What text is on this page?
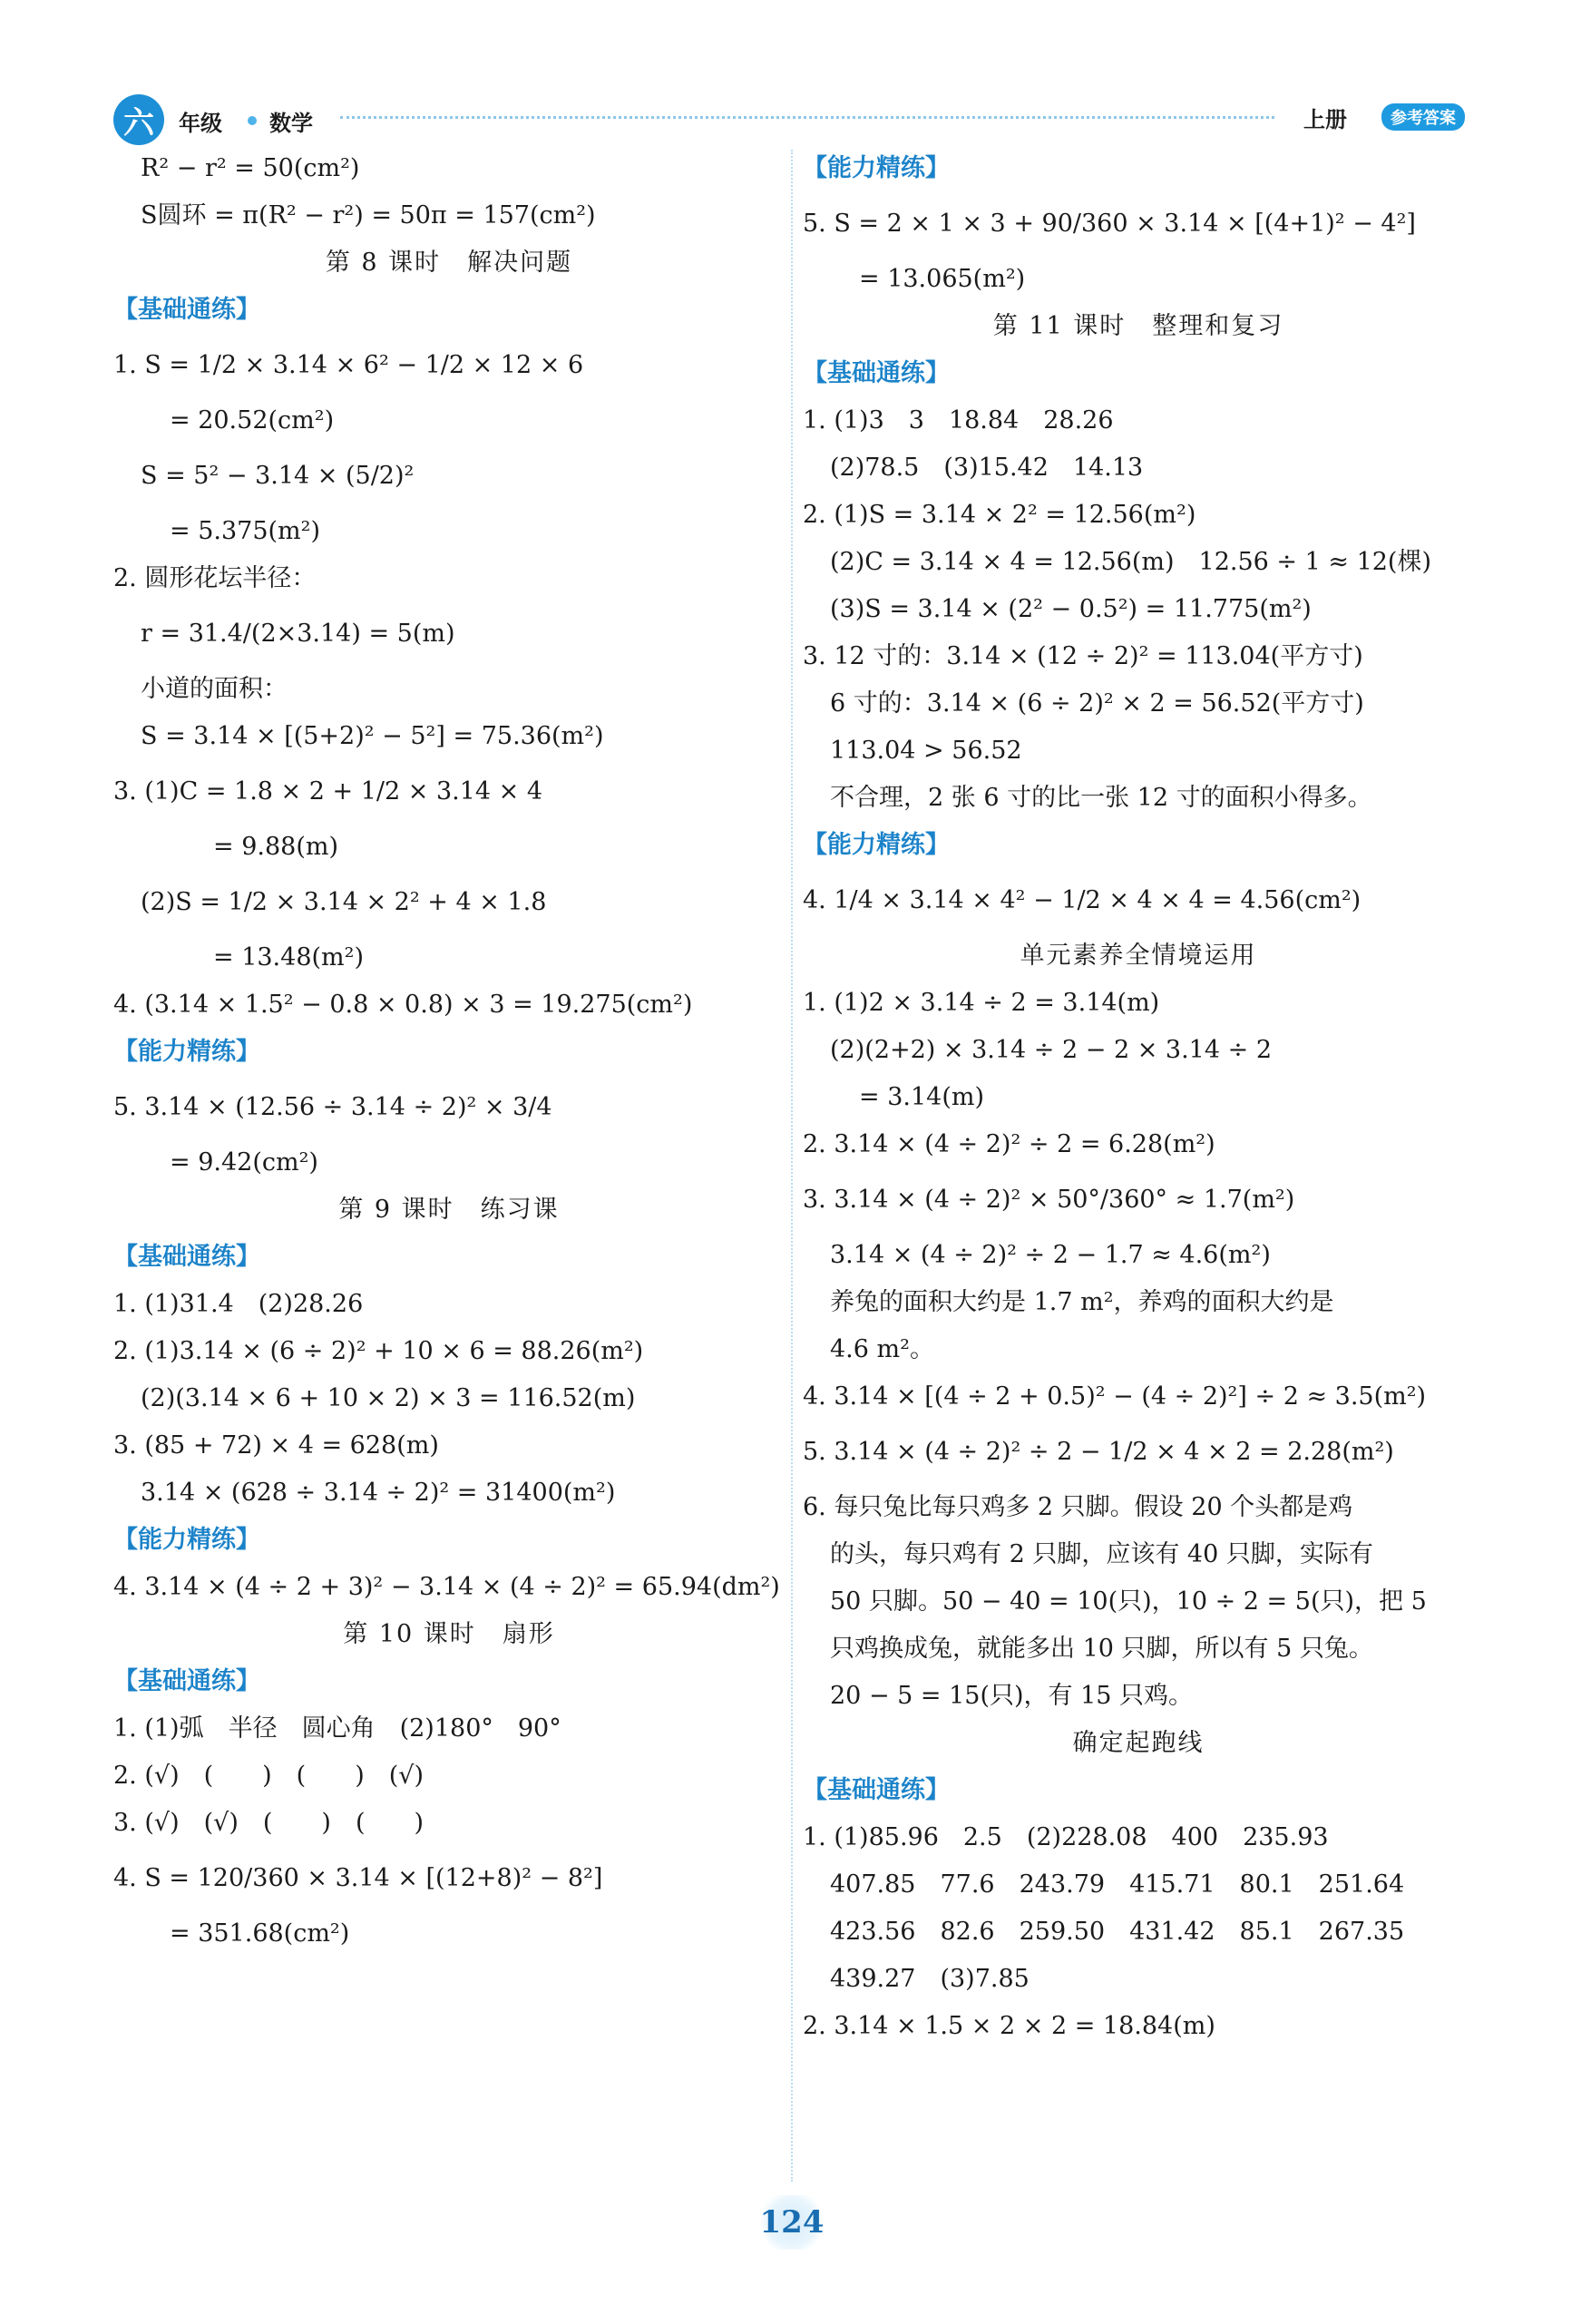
六	年级 数学	上册	参考答案
R² − r² = 50(cm²)
S圆环 = π(R² − r²) = 50π = 157(cm²)
第 8 课时　解决问题
【基础通练】
1. S = 1/2 × 3.14 × 6² − 1/2 × 12 × 6
= 20.52(cm²)
S = 5² − 3.14 × (5/2)²
= 5.375(m²)
2. 圆形花坛半径：
r = 31.4/(2×3.14) = 5(m)
小道的面积：
S = 3.14 × [(5+2)² − 5²] = 75.36(m²)
3. (1)C = 1.8 × 2 + 1/2 × 3.14 × 4
= 9.88(m)
(2)S = 1/2 × 3.14 × 2² + 4 × 1.8
= 13.48(m²)
4. (3.14 × 1.5² − 0.8 × 0.8) × 3 = 19.275(cm²)
【能力精练】
5. 3.14 × (12.56 ÷ 3.14 ÷ 2)² × 3/4
= 9.42(cm²)
第 9 课时　练习课
【基础通练】
1. (1)31.4　(2)28.26
2. (1)3.14 × (6 ÷ 2)² + 10 × 6 = 88.26(m²)
(2)(3.14 × 6 + 10 × 2) × 3 = 116.52(m)
3. (85 + 72) × 4 = 628(m)
3.14 × (628 ÷ 3.14 ÷ 2)² = 31400(m²)
【能力精练】
4. 3.14 × (4 ÷ 2 + 3)² − 3.14 × (4 ÷ 2)² = 65.94(dm²)
第 10 课时　扇形
【基础通练】
1. (1)弧　半径　圆心角　(2)180°　90°
2. (√)　(　　)　(　　)　(√)
3. (√)　(√)　(　　)　(　　)
4. S = 120/360 × 3.14 × [(12+8)² − 8²]
= 351.68(cm²)
【能力精练】
5. S = 2 × 1 × 3 + 90/360 × 3.14 × [(4+1)² − 4²]
= 13.065(m²)
第 11 课时　整理和复习
【基础通练】
1. (1)3　3　18.84　28.26
(2)78.5　(3)15.42　14.13
2. (1)S = 3.14 × 2² = 12.56(m²)
(2)C = 3.14 × 4 = 12.56(m)　12.56 ÷ 1 ≈ 12(棵)
(3)S = 3.14 × (2² − 0.5²) = 11.775(m²)
3. 12 寸的：3.14 × (12 ÷ 2)² = 113.04(平方寸)
6 寸的：3.14 × (6 ÷ 2)² × 2 = 56.52(平方寸)
113.04 > 56.52
不合理，2 张 6 寸的比一张 12 寸的面积小得多。
【能力精练】
4. 1/4 × 3.14 × 4² − 1/2 × 4 × 4 = 4.56(cm²)
单元素养全情境运用
1. (1)2 × 3.14 ÷ 2 = 3.14(m)
(2)(2+2) × 3.14 ÷ 2 − 2 × 3.14 ÷ 2
= 3.14(m)
2. 3.14 × (4 ÷ 2)² ÷ 2 = 6.28(m²)
3. 3.14 × (4 ÷ 2)² × 50°/360° ≈ 1.7(m²)
3.14 × (4 ÷ 2)² ÷ 2 − 1.7 ≈ 4.6(m²)
养兔的面积大约是 1.7 m²，养鸡的面积大约是
4.6 m²。
4. 3.14 × [(4 ÷ 2 + 0.5)² − (4 ÷ 2)²] ÷ 2 ≈ 3.5(m²)
5. 3.14 × (4 ÷ 2)² ÷ 2 − 1/2 × 4 × 2 = 2.28(m²)
6. 每只兔比每只鸡多 2 只脚。假设 20 个头都是鸡
的头，每只鸡有 2 只脚，应该有 40 只脚，实际有
50 只脚。50 − 40 = 10(只)，10 ÷ 2 = 5(只)，把 5
只鸡换成兔，就能多出 10 只脚，所以有 5 只兔。
20 − 5 = 15(只)，有 15 只鸡。
确定起跑线
【基础通练】
1. (1)85.96　2.5　(2)228.08　400　235.93
407.85　77.6　243.79　415.71　80.1　251.64
423.56　82.6　259.50　431.42　85.1　267.35
439.27　(3)7.85
2. 3.14 × 1.5 × 2 × 2 = 18.84(m)
124
